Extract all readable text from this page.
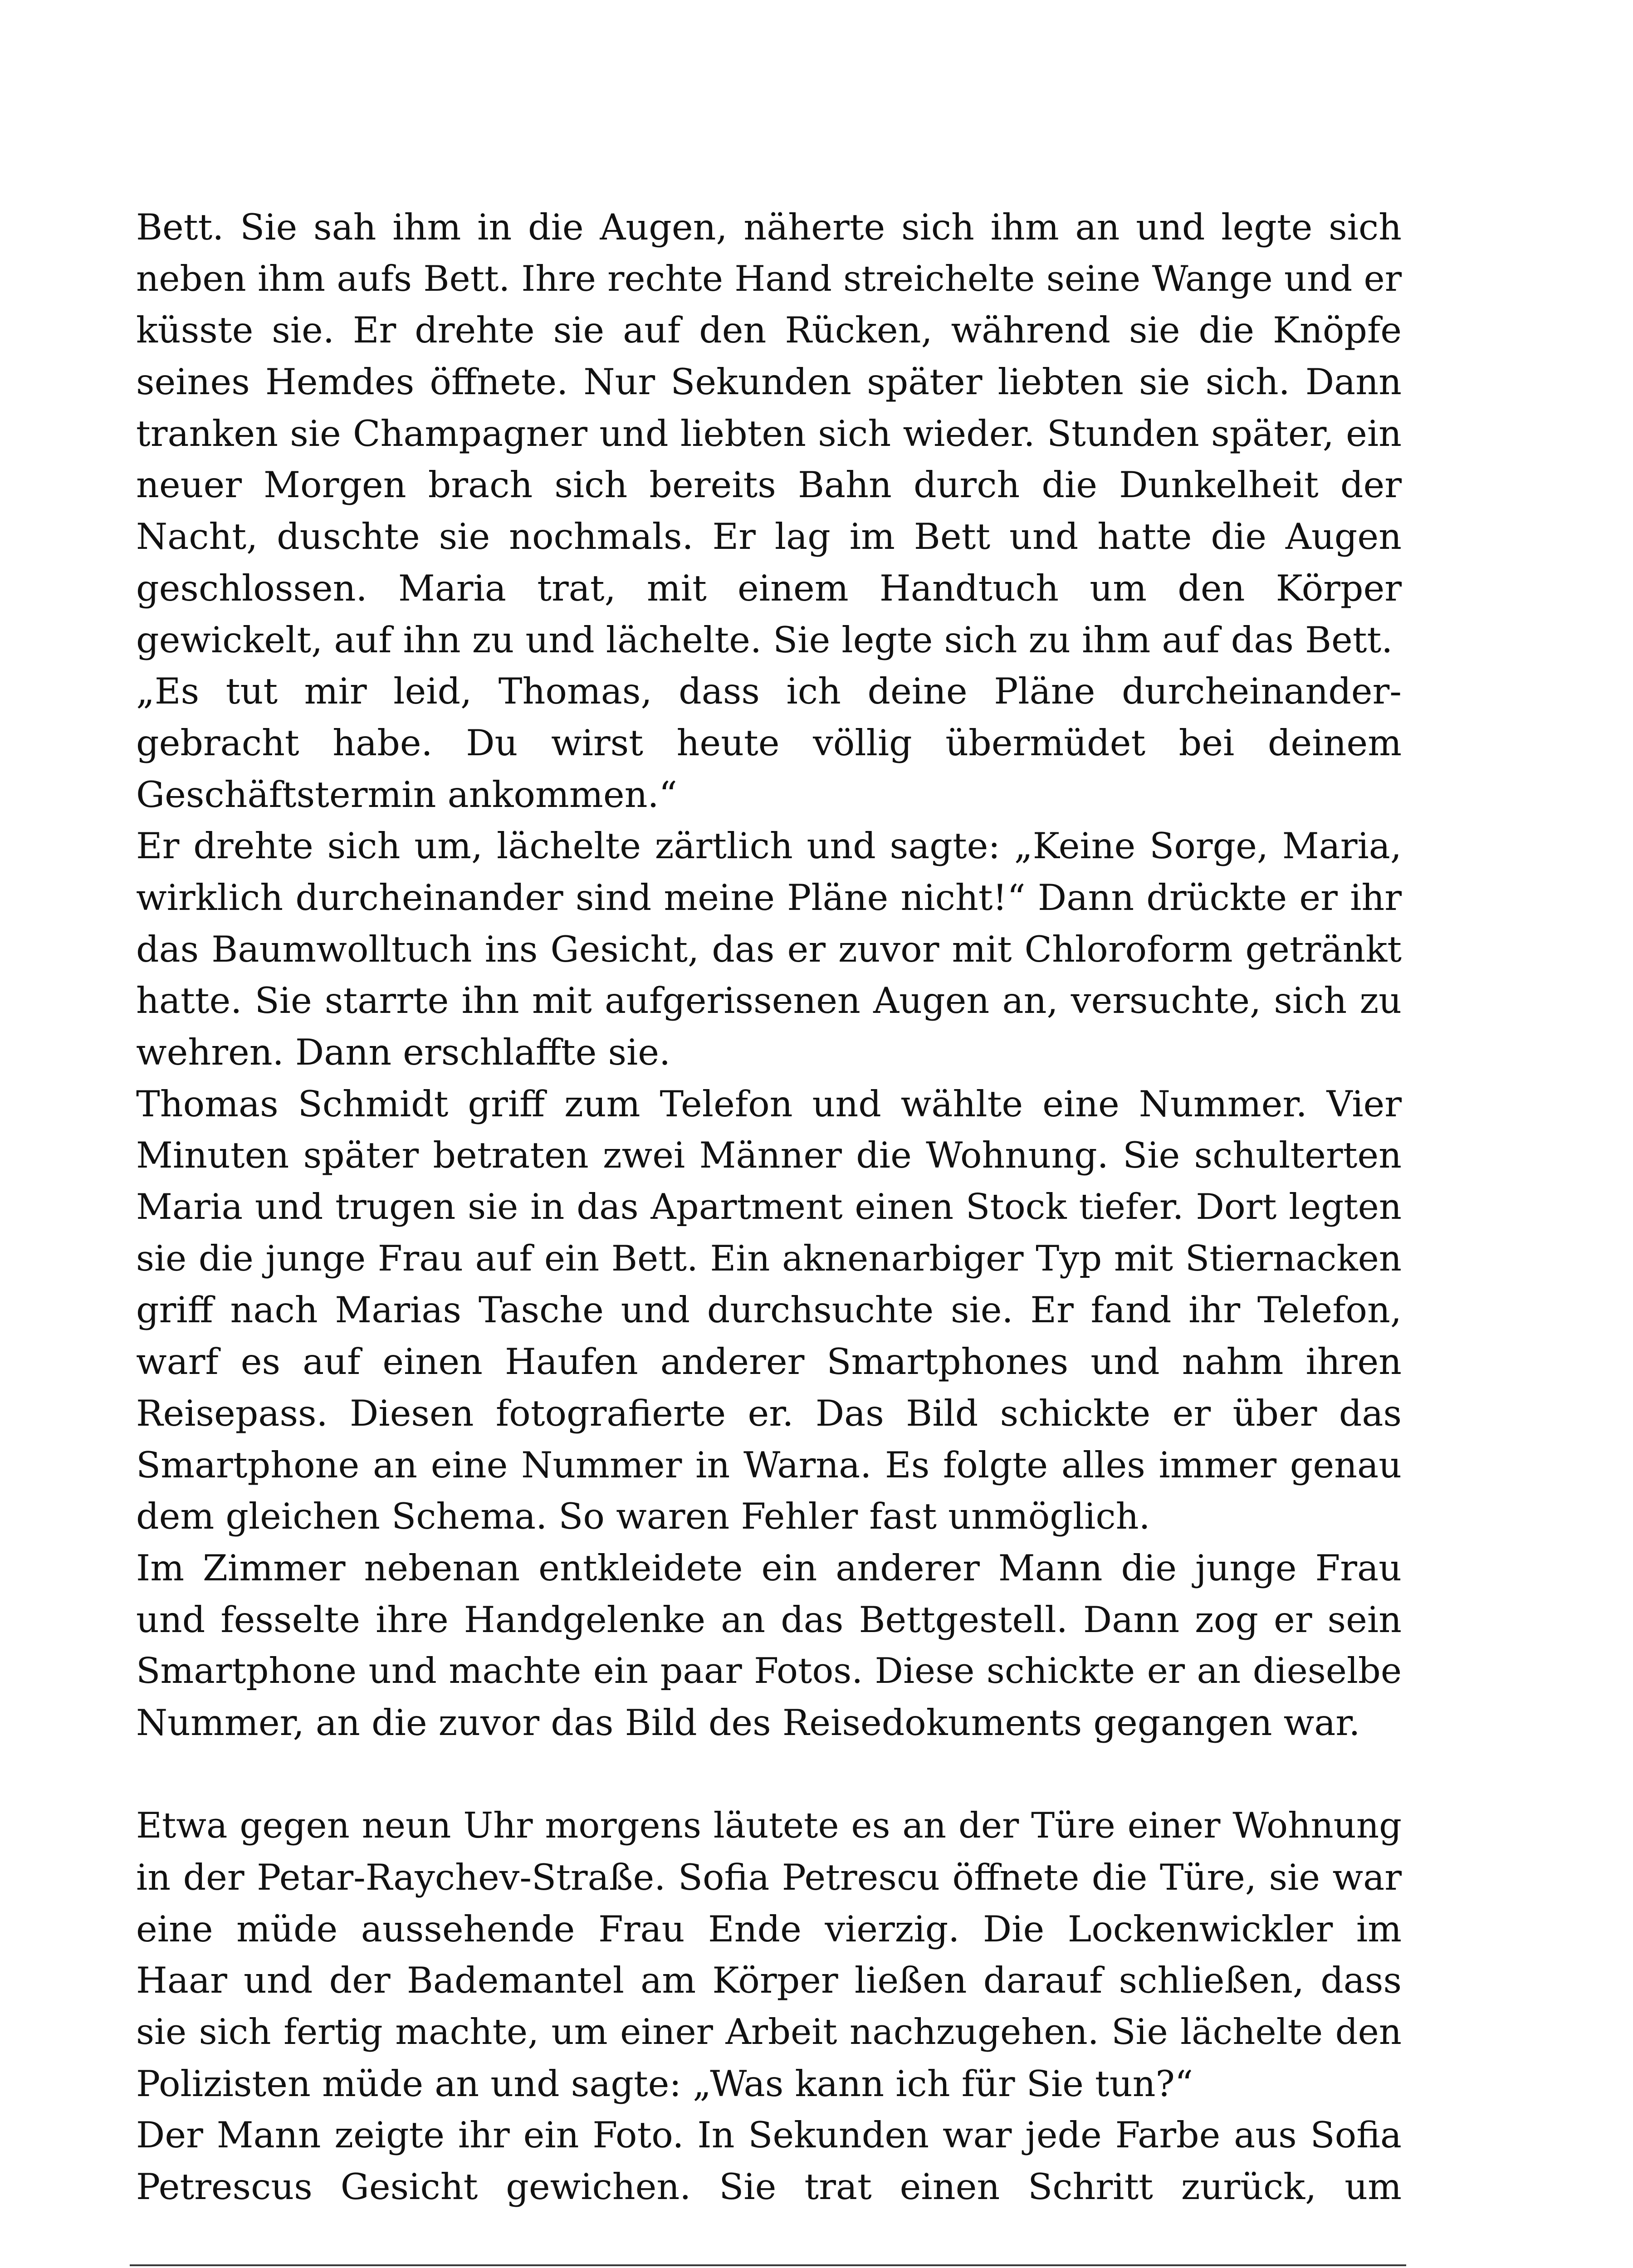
Bett. Sie sah ihm in die Augen, näherte sich ihm an und legte sich
neben ihm aufs Bett. Ihre rechte Hand streichelte seine Wange und er
küsste sie. Er drehte sie auf den Rücken, während sie die Knöpfe
seines Hemdes öffnete. Nur Sekunden später liebten sie sich. Dann
tranken sie Champagner und liebten sich wieder. Stunden später, ein
neuer Morgen brach sich bereits Bahn durch die Dunkelheit der
Nacht, duschte sie nochmals. Er lag im Bett und hatte die Augen
geschlossen. Maria trat, mit einem Handtuch um den Körper
gewickelt, auf ihn zu und lächelte. Sie legte sich zu ihm auf das Bett.
„Es tut mir leid, Thomas, dass ich deine Pläne durcheinander-
gebracht habe. Du wirst heute völlig übermüdet bei deinem
Geschäftstermin ankommen.“
Er drehte sich um, lächelte zärtlich und sagte: „Keine Sorge, Maria,
wirklich durcheinander sind meine Pläne nicht!“ Dann drückte er ihr
das Baumwolltuch ins Gesicht, das er zuvor mit Chloroform getränkt
hatte. Sie starrte ihn mit aufgerissenen Augen an, versuchte, sich zu
wehren. Dann erschlaffte sie.
Thomas Schmidt griff zum Telefon und wählte eine Nummer. Vier
Minuten später betraten zwei Männer die Wohnung. Sie schulterten
Maria und trugen sie in das Apartment einen Stock tiefer. Dort legten
sie die junge Frau auf ein Bett. Ein aknenarbiger Typ mit Stiernacken
griff nach Marias Tasche und durchsuchte sie. Er fand ihr Telefon,
warf es auf einen Haufen anderer Smartphones und nahm ihren
Reisepass. Diesen fotografierte er. Das Bild schickte er über das
Smartphone an eine Nummer in Warna. Es folgte alles immer genau
dem gleichen Schema. So waren Fehler fast unmöglich.
Im Zimmer nebenan entkleidete ein anderer Mann die junge Frau
und fesselte ihre Handgelenke an das Bettgestell. Dann zog er sein
Smartphone und machte ein paar Fotos. Diese schickte er an dieselbe
Nummer, an die zuvor das Bild des Reisedokuments gegangen war.
Etwa gegen neun Uhr morgens läutete es an der Türe einer Wohnung
in der Petar-Raychev-Straße. Sofia Petrescu öffnete die Türe, sie war
eine müde aussehende Frau Ende vierzig. Die Lockenwickler im
Haar und der Bademantel am Körper ließen darauf schließen, dass
sie sich fertig machte, um einer Arbeit nachzugehen. Sie lächelte den
Polizisten müde an und sagte: „Was kann ich für Sie tun?“
Der Mann zeigte ihr ein Foto. In Sekunden war jede Farbe aus Sofia
Petrescus Gesicht gewichen. Sie trat einen Schritt zurück, um
